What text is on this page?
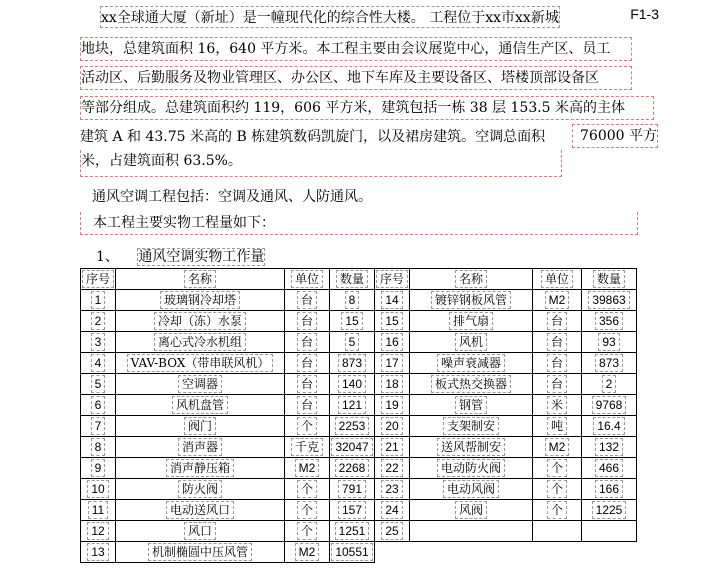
F1-3
xx全球通大厦（新址）是一幢现代化的综合性大楼。 工程位于xx市xx新城
地块，总建筑面积 16，640 平方米。本工程主要由会议展览中心，通信生产区、员工
活动区、后勤服务及物业管理区、办公区、地下车库及主要设备区、塔楼顶部设备区
等部分组成。总建筑面积约 119，606 平方米，建筑包括一栋 38 层 153.5 米高的主体
建筑 A 和 43.75 米高的 B 栋建筑数码凯旋门，以及裙房建筑。空调总面积	76000 平方
米，占建筑面积 63.5%。
通风空调工程包括：空调及通风、人防通风。
本工程主要实物工程量如下：
1、 通风空调实物工作量
序号	名称	单位	数量	序号	名称	单位	数量
1	玻璃钢冷却塔	台	8	14	镀锌钢板风管	M2	39863
2	冷却（冻）水泵	台	15	15	排气扇	台	356
3	离心式冷水机组	台	5	16	风机	台	93
4	VAV-BOX（带串联风机）	台	873	17	噪声衰减器	台	873
5	空调器	台	140	18	板式热交换器	台	2
6	风机盘管	台	121	19	钢管	米	9768
7	阀门	个	2253	20	支架制安	吨	16.4
8	消声器	千克	32047	21	送风帮制安	M2	132
9	消声静压箱	M2	2268	22	电动防火阀	个	466
10	防火阀	个	791	23	电动风阀	个	166
11	电动送风口	个	157	24	风阀	个	1225
12	风口	个	1251	25			
13	机制椭圆中压风管	M2	10551				
